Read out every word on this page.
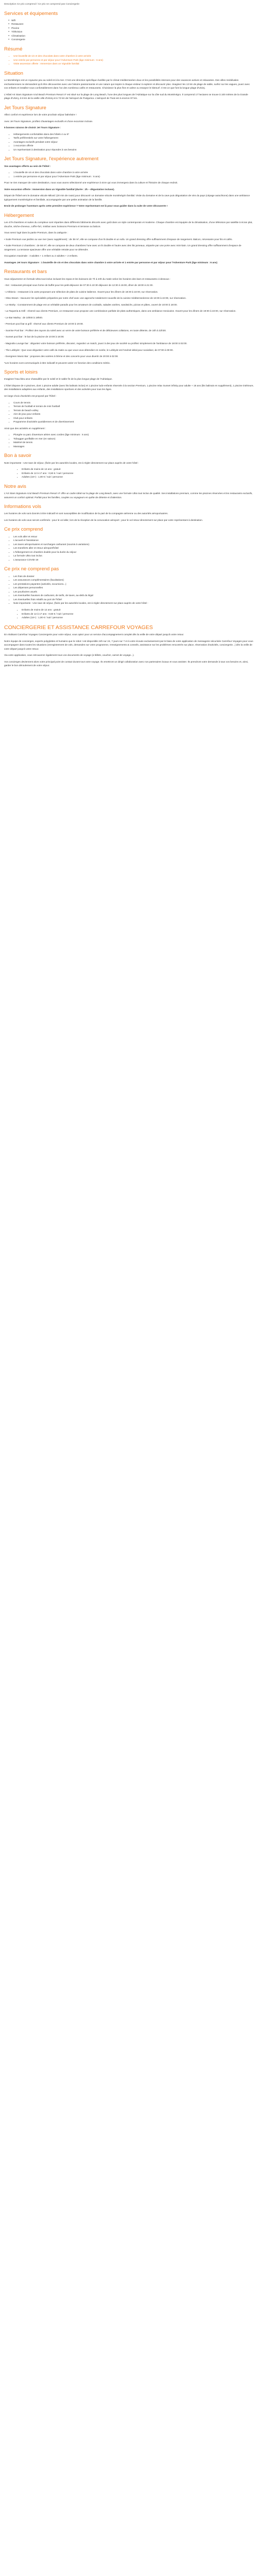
Description Ce prix comprend / Ce prix ne comprend pas Conciergerie
Services et équipements
● Wifi
● Restaurant
● Piscine
● Télévision
● Climatisation
● Conciergerie
Résumé
• Une bouteille de vin et des chocolats dans votre chambre à votre arrivée
• Une entrée par personne et par séjour pour l'Adventure Park (âge minimum : 6 ans)
• Visite ascension offerte : Immersion dans un Vignoble familial
Situation

Le Monténégro est un royaume peu au soleil et à la mer. C'est une direction spécifique éveillée par le climat méditerranéen doux et les possibilités intenses pour des vacances actives et relaxantes. Des villes médiévales enchanteresses ne demandent qu'à être découvertes avec une histoire passionnante et une nature qui inspire à chaque visiteur à explorer et découvrir plus. Imaginez les 13 km de plage de sable, surfez sur les vagues, jouez avec vos enfants et installez-vous confortablement dans l'un des nombreux cafés et restaurants. Choisissez la plus fine et calme ou essayez le kitesurf. C'est ce que font la longue plage d'Ulcinj.

L'Hôtel Art Stars Signature Azul Beach Premium Resort 4* est situé sur la plage de Long Beach, l'une des plus longues de l'Adriatique sur la côte sud du Monténégro. Il comprend 17 hectares se trouve à 100 mètres de la Grande plage d'Ulcinj, à 5 km de la vieille ville d'Ulcinj et à 72 km de l'aéroport de Podgorica. L'aéroport de Tivat est à environ 97 km.

Jet Tours Signature

Alliez confort et expérience lors de votre prochain séjour balnéaire !

Avec Jet Tours Signature, profitez d'avantages exclusifs et d'une excursion incluse.

5 bonnes raisons de choisir Jet Tours Signature :

• Hébergements confortables dans des hôtels 4 ou 5*
• Tarifs préférentiels sur votre hébergement
• Avantages exclusifs pendant votre séjour
• 1 excursion offerte
• Un représentant à destination pour répondre à vos besoins
Jet Tours Signature, l'expérience autrement

Vos avantages offerts au sein de l'hôtel :

• 1 bouteille de vin et des chocolats dans votre chambre à votre arrivée
• 1 entrée par personne et par séjour pour l'Adventure Park (âge minimum : 6 ans)

Pour ne rien manquer de votre destination, nous vous avons sélectionné une expérience à vivre qui vous immergera dans la culture et l'histoire de chaque endroit.

Votre excursion offerte : Immersion dans un Vignoble familial (durée : 2h – dégustation incluse).

Départ de l'hôtel vers le domaine viticole Milović (20 min de route) pour découvrir un domaine viticole monténégrin familial. Visite du domaine et de la cave puis dégustation de vins du pays (cépage autochtone) dans une ambiance typiquement monténégrine et familiale, accompagnée par une petite animation de la famille.

Envie de prolonger l'aventure après cette première expérience ? Votre représentant est là pour vous guider dans la suite de votre découverte !

Hébergement

Les 479 chambres et suites du complexe sont réparties dans différents bâtiments décorés avec goût dans un style contemporain et moderne. Chaque chambre est équipée de la climatisation, d'une télévision par satellite à écran plat, douche, sèche-cheveux, coffre-fort, minibar avec boissons Premium et terrasse ou balcon.

Vous serez logé dans la partie Premium, dans la catégorie :

• Suite Premium vue jardins ou vue mer (avec supplément) : de 38 m², elle se compose d'un lit double et un sofa. Un grand dressing offre suffisamment d'espace de rangement. Balcon, nécessaire pour lits et cafés.

• Suite Premium 2 chambres : de 58 m², elle se compose de deux chambres l'une avec un lit double et l'autre avec des lits jumeaux, séparée par une porte avec mini-bain. Un grand dressing offre suffisamment d'espace de rangement. La terrasse spacieuse offre une véritable retraite pour se détendre.

Occupation maximale : 3 adultes + 1 enfant ou 2 adultes + 2 enfants.

Avantages Jet tours Signature : 1 bouteille de vin et des chocolats dans votre chambre à votre arrivée et 1 entrée par personne et par séjour pour l'Adventure Park (âge minimum : 6 ans)

Restaurants et bars

Vous séjournerez en formule Ultra tout inclus incluant les repas et les boissons de 7h à 23h du matin selon les horaires des bars et restaurants ci-dessous :

- Ext : restaurant principal sous forme de buffet pour les petit-déjeuner de 07:30 à 10:30 déjeuner de 12:30 à 15:00, dîner de 18:00 à 21:30.

- L'Oblonio : restaurant à la carte proposant une sélection de plats de cuisine italienne. Ouvert pour les dîners de 18:30 à 22:00, sur réservation.

- Olea Steam : Savourez les spécialités préparées par notre chef avec une approche totalement nouvelle de la cuisine méditerranéenne de 18:30 à 22:00, sur réservation.

- Le Marky : Constamment de plage est un véritable paradis pour les amateurs de cocktails, salades variées, sandwichs, pizzas et pâtes, ouvert de 10:00 à 18:00.

- La Taqueria & Grill : réservé aux clients Premium, ce restaurant vous propose une combinaison parfaite de plats authentiques, dans une ambiance mexicaine. Ouvert pour les dîners de 19:00 à 22:00, sur réservation.

- Le Bar Marley : de 10h00 à 19h00.

- Premium pool bar & grill : réservé aux clients Premium de 10:00 à 19:00.

- Sunrise Pool bar : Profitez des rayons du soleil avec un verre de votre boisson préférée et de délicieuses collations, en toute détente, de 10h à 22h30.

- Sunset pool bar : le bar de la piscine de 10:00 à 18:00.

- Magnolia Lounge bar : dégustez votre boisson préférée, discutez, regardez un match, jouez à des jeux de société ou profitez simplement de l'ambiance de 18:00 à 02:00.

- The Lobbyist : Que vous dégustiez votre café du matin ou que vous vous détendiez en soirée, le Lobbyist est l'endroit idéal pour socialiser, de 07:00 à 00:00.

- Evergreen Music Bar : proposes des soirées à thème et des concerts pour vous divertir de 20:00 à 02:00.

*Les horaires sont communiqués à titre indicatif et peuvent varier en fonction des conditions météo.

Sports et loisirs

Imaginez l'eau bleu azur chatouillée par le soleil et le sable fin de la plus longue plage de l'Adriatique.

L'hôtel dispose de 4 piscines, dont 1 piscine adulte (avec lits balinais inclus) et 1 piscine ludo-enfants réservée à la section Premium, 1 piscine relax Sunset infinity pour adulte + 18 ans (lits balinais en supplément), 1 piscine intérieure, des installations adaptées aux enfants, des installations sportives et des activités pour tous les âges.

Un large choix d'activités est proposé par l'hôtel :

• Cours de tennis
• Terrain de football et terrain de mini football
• Terrain de beach-volley
• Aire de jeux pour enfants
• Club pour enfants
• Programme d'activités quotidiennes et de divertissement

Ainsi que des activités en supplément :

• Plongée ou parc d'aventure aérien avec cordes (âge minimum : 6 ans)
• Toboggan gonflable en mer (en saison)
• Matériel de tennis
• Massages
Bon à savoir

Note importante : Une taxe de séjour, (fixée par les autorités locales, est à régler directement sur place auprès de votre hôtel :

• Enfants de moins de 12 ans : gratuit
• Enfants de 12 à 17 ans : 0,50 € / nuit / personne
• Adultes (18+) : 1,00 € / nuit / personne
Notre avis

L'Art Stars Signature Azul Beach Premium Resort 4* offre un cadre idéal sur la plage de Long Beach, avec une formule Ultra tout inclus de qualité. Ses installations premium, comme les piscines réservées et les restaurants exclusifs, assurent un confort optimal. Parfait pour les familles, couples ou voyageurs en quête de détente et d'attention.

Informations vols

Les horaires de vols sont donnés à titre indicatif et sont susceptibles de modification de la part de la compagnie aérienne ou des autorités aéroportuaires.

Les horaires de vols vous seront confirmés : pour le vol aller, lors de la réception de la convocation aéroport ; pour le vol retour directement sur place par votre représentant à destination.

Ce prix comprend
• Les vols aller et retour
• L'accueil et l'assistance
• Les taxes aéroportuaires et surcharges carburant (soumis à variations)
• Les transferts aller et retour aéroport/hôtel
• L'hébergement en chambre double pour la durée du séjour
• La formule Ultra tout inclus
• L'assurance COVID-19
Ce prix ne comprend pas
• Les frais de dossier
• Les assurances complémentaires (facultatives)
• Les prestations payantes (activités, excursions...)
• Les dépenses personnelles
• Les pourboires usuels
• Les éventuelles hausses de carburant, de tarifs, de taxes, au-delà du légal
• Les éventuelles frais relatifs au port de l'hôtel
• Note importante : Une taxe de séjour, (fixée par les autorités locales, est à régler directement sur place auprès de votre hôtel :
• Enfants de moins de 12 ans : gratuit
• Enfants de 12 à 17 ans : 0,50 € / nuit / personne
• Adultes (18+) : 1,00 € / nuit / personne
CONCIERGERIE ET ASSISTANCE CARREFOUR VOYAGES

En réalisant Carrefour Voyages Conciergerie pour votre séjour, vous optez pour un service d'accompagnement complet dès la veille de votre départ jusqu'à votre retour.

Notre équipe de concierges, experts polyglottes et humains que le robot ! est disponible 24h sur 24, 7 jours sur 7 et à votre écoute exclusivement par le biais de votre application de messagerie sécurisée Carrefour Voyages pour vous accompagner dans toutes les situations (enregistrement de vols, demandes sur votre programme, renseignements & conseils, assistance sur les problèmes rencontrés sur place, réservation d'activités, conciergerie...) dès la veille de votre départ jusqu'à votre retour.

Via votre application, vous retrouverez également tous vos documents de voyage (e-billets, voucher, carnet de voyage...).

Vos concierges deviennent alors votre principal point de contact durant tout votre voyage. Ils emettront un dirigé collaboration avec nos partenaires locaux et vous assister. Ils prendront votre demande à tous vos besoins et, ainsi, garder le bon déroulement de votre séjour.
